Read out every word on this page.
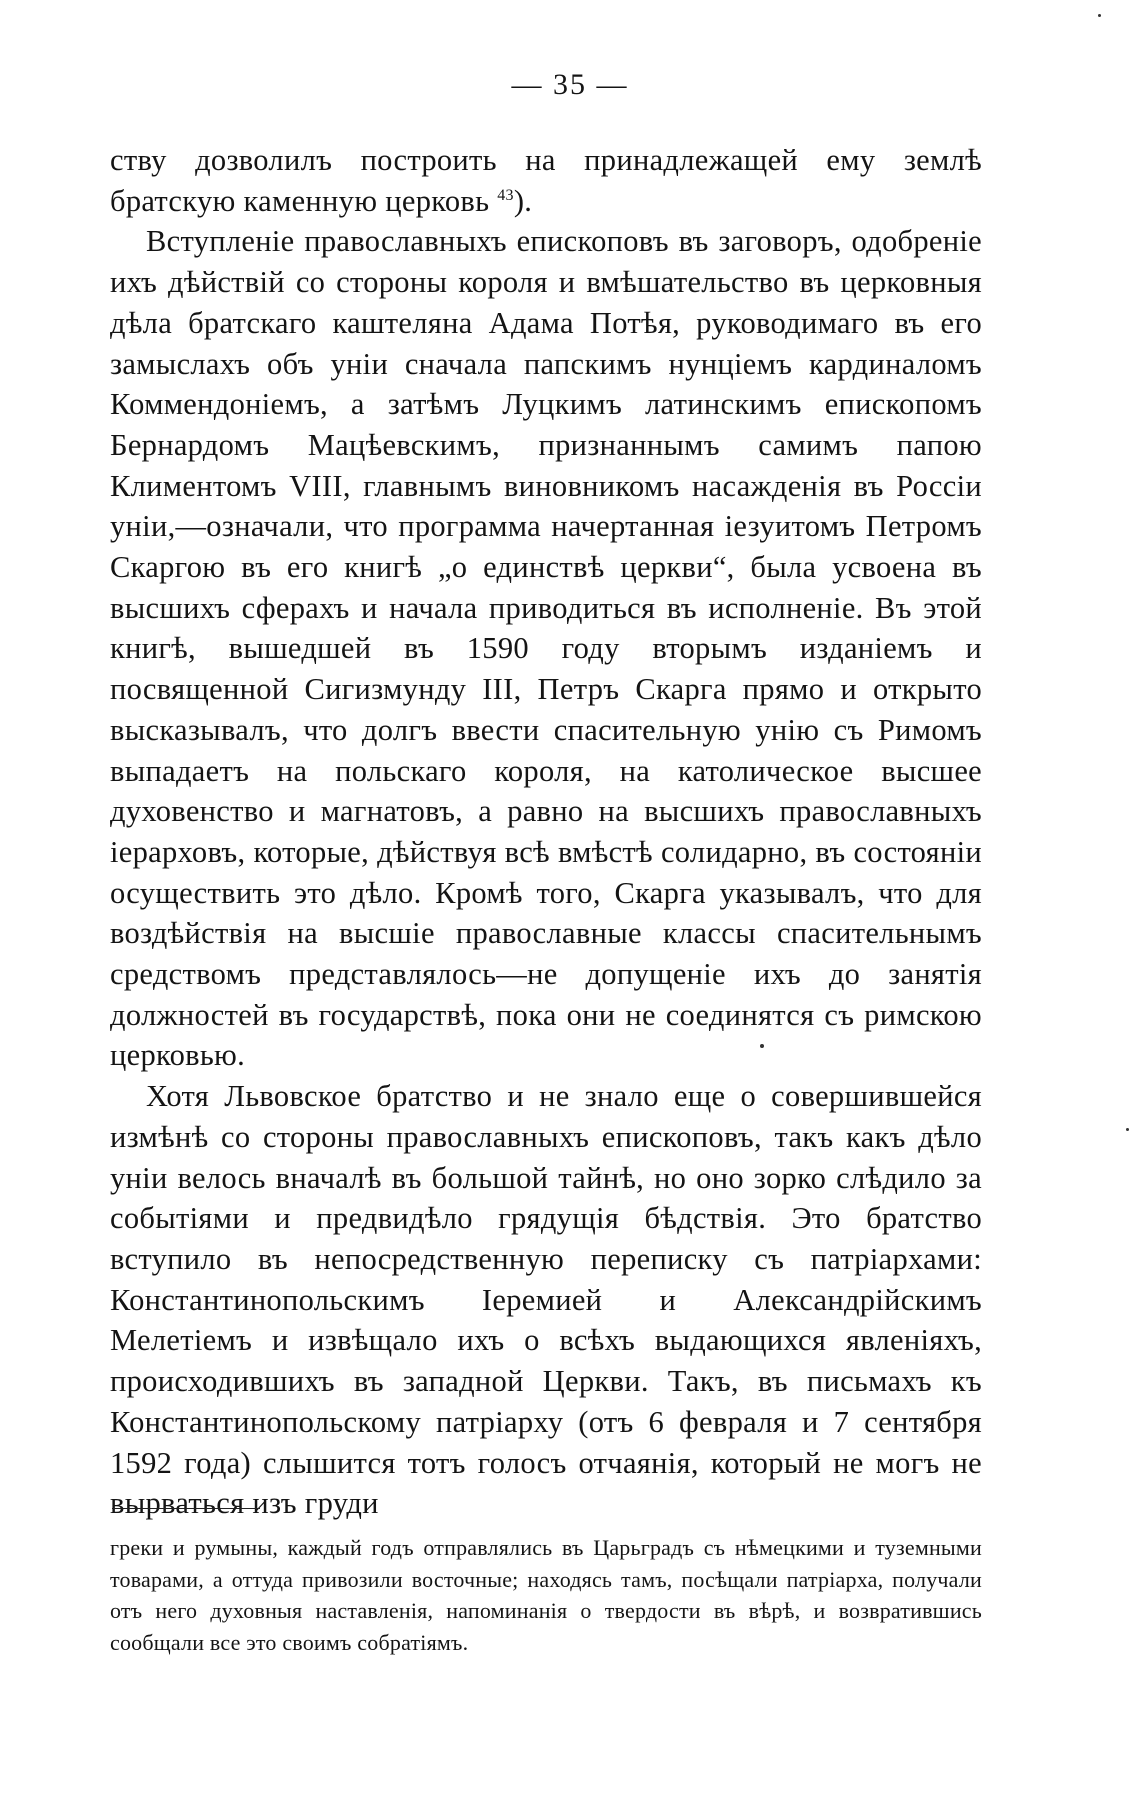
— 35 —

ству дозволилъ построить на принадлежащей ему землѣ братскую каменную церковь $^{43}$).

Вступленіе православныхъ епископовъ въ заговоръ, одобреніе ихъ дѣйствій со стороны короля и вмѣшательство въ церковныя дѣла братскаго каштеляна Адама Потѣя, руководимаго въ его замыслахъ объ уніи сначала папскимъ нунціемъ кардиналомъ Коммендоніемъ, а затѣмъ Луцкимъ латинскимъ епископомъ Бернардомъ Мацѣевскимъ, признаннымъ самимъ папою Климентомъ VIII, главнымъ виновникомъ насажденія въ Россіи уніи,—означали, что программа начертанная іезуитомъ Петромъ Скаргою въ его книгѣ „о единствѣ церкви“, была усвоена въ высшихъ сферахъ и начала приводиться въ исполненіе. Въ этой книгѣ, вышедшей въ 1590 году вторымъ изданіемъ и посвященной Сигизмунду III, Петръ Скарга прямо и открыто высказывалъ, что долгъ ввести спасительную унію съ Римомъ выпадаетъ на польскаго короля, на католическое высшее духовенство и магнатовъ, а равно на высшихъ православныхъ іерарховъ, которые, дѣйствуя всѣ вмѣстѣ солидарно, въ состояніи осуществить это дѣло. Кромѣ того, Скарга указывалъ, что для воздѣйствія на высшіе православные классы спасительнымъ средствомъ представлялось—не допущеніе ихъ до занятія должностей въ государствѣ, пока они не соединятся съ римскою церковью.

Хотя Львовское братство и не знало еще о совершившейся измѣнѣ со стороны православныхъ епископовъ, такъ какъ дѣло уніи велось вначалѣ въ большой тайнѣ, но оно зорко слѣдило за событіями и предвидѣло грядущія бѣдствія. Это братство вступило въ непосредственную переписку съ патріархами: Константинопольскимъ Іеремией и Александрійскимъ Мелетіемъ и извѣщало ихъ о всѣхъ выдающихся явленіяхъ, происходившихъ въ западной Церкви. Такъ, въ письмахъ къ Константинопольскому патріарху (отъ 6 февраля и 7 сентября 1592 года) слышится тотъ голосъ отчаянія, который не могъ не вырваться изъ груди

греки и румыны, каждый годъ отправлялись въ Царьградъ съ нѣмецкими и туземными товарами, а оттуда привозили восточные; находясь тамъ, посѣщали патріарха, получали отъ него духовныя наставленія, напоминанія о твердости въ вѣрѣ, и возвратившись сообщали все это своимъ собратіямъ.
